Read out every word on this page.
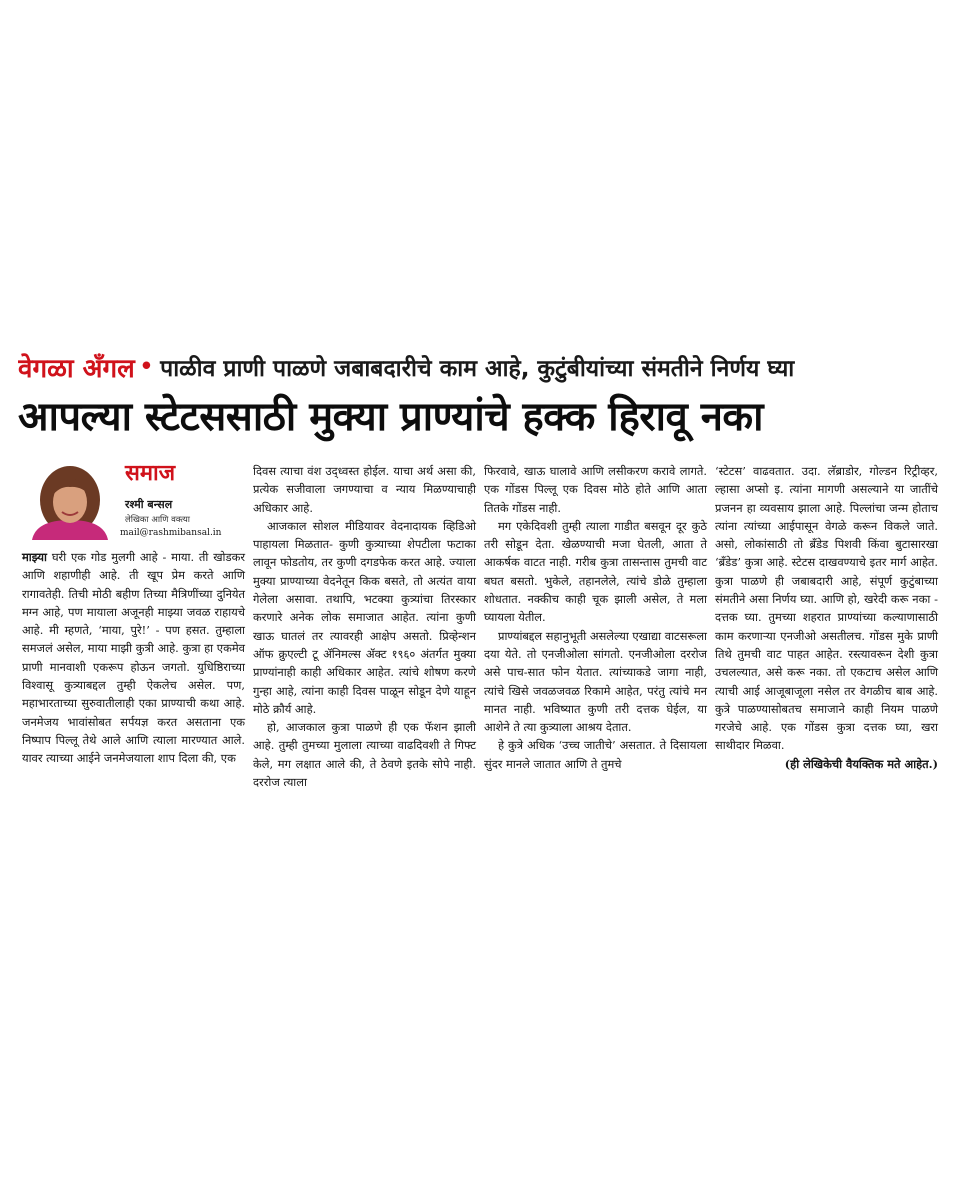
वेगळा अँगल • पाळीव प्राणी पाळणे जबाबदारीचे काम आहे, कुटुंबीयांच्या संमतीने निर्णय घ्या
आपल्या स्टेटससाठी मुक्या प्राण्यांचे हक्क हिरावू नका
समाज
रश्मी बन्सल
लेखिका आणि वक्त्या
mail@rashmibansal.in

माझ्या घरी एक गोड मुलगी आहे - माया. ती खोडकर आणि शहाणीही आहे. ती खूप प्रेम करते आणि रागावतेही. तिची मोठी बहीण तिच्या मैत्रिणींच्या दुनियेत मग्न आहे, पण मायाला अजूनही माझ्या जवळ राहायचे आहे. मी म्हणते, ‘माया, पुरे!’ - पण हसत. तुम्हाला समजलं असेल, माया माझी कुत्री आहे. कुत्रा हा एकमेव प्राणी मानवाशी एकरूप होऊन जगतो. युधिष्ठिराच्या विश्वासू कुत्र्याबद्दल तुम्ही ऐकलेच असेल. पण, महाभारताच्या सुरुवातीलाही एका प्राण्याची कथा आहे. जनमेजय भावांसोबत सर्पयज्ञ करत असताना एक निष्पाप पिल्लू तेथे आले आणि त्याला मारण्यात आले. यावर त्याच्या आईने जनमेजयाला शाप दिला की, एक

दिवस त्याचा वंश उद्ध्वस्त होईल. याचा अर्थ असा की, प्रत्येक सजीवाला जगण्याचा व न्याय मिळण्याचाही अधिकार आहे.

आजकाल सोशल मीडियावर वेदनादायक व्हिडिओ पाहायला मिळतात- कुणी कुत्र्याच्या शेपटीला फटाका लावून फोडतोय, तर कुणी दगडफेक करत आहे. ज्याला मुक्या प्राण्याच्या वेदनेतून किक बसते, तो अत्यंत वाया गेलेला असावा. तथापि, भटक्या कुत्र्यांचा तिरस्कार करणारे अनेक लोक समाजात आहेत. त्यांना कुणी खाऊ घातलं तर त्यावरही आक्षेप असतो. प्रिव्हेन्शन ऑफ क्रुएल्टी टू ॲनिमल्स ॲक्ट १९६० अंतर्गत मुक्या प्राण्यांनाही काही अधिकार आहेत. त्यांचे शोषण करणे गुन्हा आहे, त्यांना काही दिवस पाळून सोडून देणे याहून मोठे क्रौर्य आहे.

हो, आजकाल कुत्रा पाळणे ही एक फॅशन झाली आहे. तुम्ही तुमच्या मुलाला त्याच्या वाढदिवशी ते गिफ्ट केले, मग लक्षात आले की, ते ठेवणे इतके सोपे नाही. दररोज त्याला

फिरवावे, खाऊ घालावे आणि लसीकरण करावे लागते. एक गोंडस पिल्लू एक दिवस मोठे होते आणि आता तितके गोंडस नाही.

मग एकेदिवशी तुम्ही त्याला गाडीत बसवून दूर कुठे तरी सोडून देता. खेळण्याची मजा घेतली, आता ते आकर्षक वाटत नाही. गरीब कुत्रा तासन्तास तुमची वाट बघत बसतो. भुकेले, तहानलेले, त्यांचे डोळे तुम्हाला शोधतात. नक्कीच काही चूक झाली असेल, ते मला घ्यायला येतील.

प्राण्यांबद्दल सहानुभूती असलेल्या एखाद्या वाटसरूला दया येते. तो एनजीओला सांगतो. एनजीओला दररोज असे पाच-सात फोन येतात. त्यांच्याकडे जागा नाही, त्यांचे खिसे जवळजवळ रिकामे आहेत, परंतु त्यांचे मन मानत नाही. भविष्यात कुणी तरी दत्तक घेईल, या आशेने ते त्या कुत्र्याला आश्रय देतात.

हे कुत्रे अधिक ‘उच्च जातीचे’ असतात. ते दिसायला सुंदर मानले जातात आणि ते तुमचे

‘स्टेटस’ वाढवतात. उदा. लॅब्राडोर, गोल्डन रिट्रीव्हर, ल्हासा अप्सो इ. त्यांना मागणी असल्याने या जातींचे प्रजनन हा व्यवसाय झाला आहे. पिल्लांचा जन्म होताच त्यांना त्यांच्या आईपासून वेगळे करून विकले जाते. असो, लोकांसाठी तो ब्रँडेड पिशवी किंवा बुटासारखा ‘ब्रँडेड’ कुत्रा आहे. स्टेटस दाखवण्याचे इतर मार्ग आहेत. कुत्रा पाळणे ही जबाबदारी आहे, संपूर्ण कुटुंबाच्या संमतीने असा निर्णय घ्या. आणि हो, खरेदी करू नका - दत्तक घ्या. तुमच्या शहरात प्राण्यांच्या कल्याणासाठी काम करणाऱ्या एनजीओ असतीलच. गोंडस मुके प्राणी तिथे तुमची वाट पाहत आहेत. रस्त्यावरून देशी कुत्रा उचलल्यात, असे करू नका. तो एकटाच असेल आणि त्याची आई आजूबाजूला नसेल तर वेगळीच बाब आहे. कुत्रे पाळण्यासोबतच समाजाने काही नियम पाळणे गरजेचे आहे. एक गोंडस कुत्रा दत्तक घ्या, खरा साथीदार मिळवा.

(ही लेखिकेची वैयक्तिक मते आहेत.)
